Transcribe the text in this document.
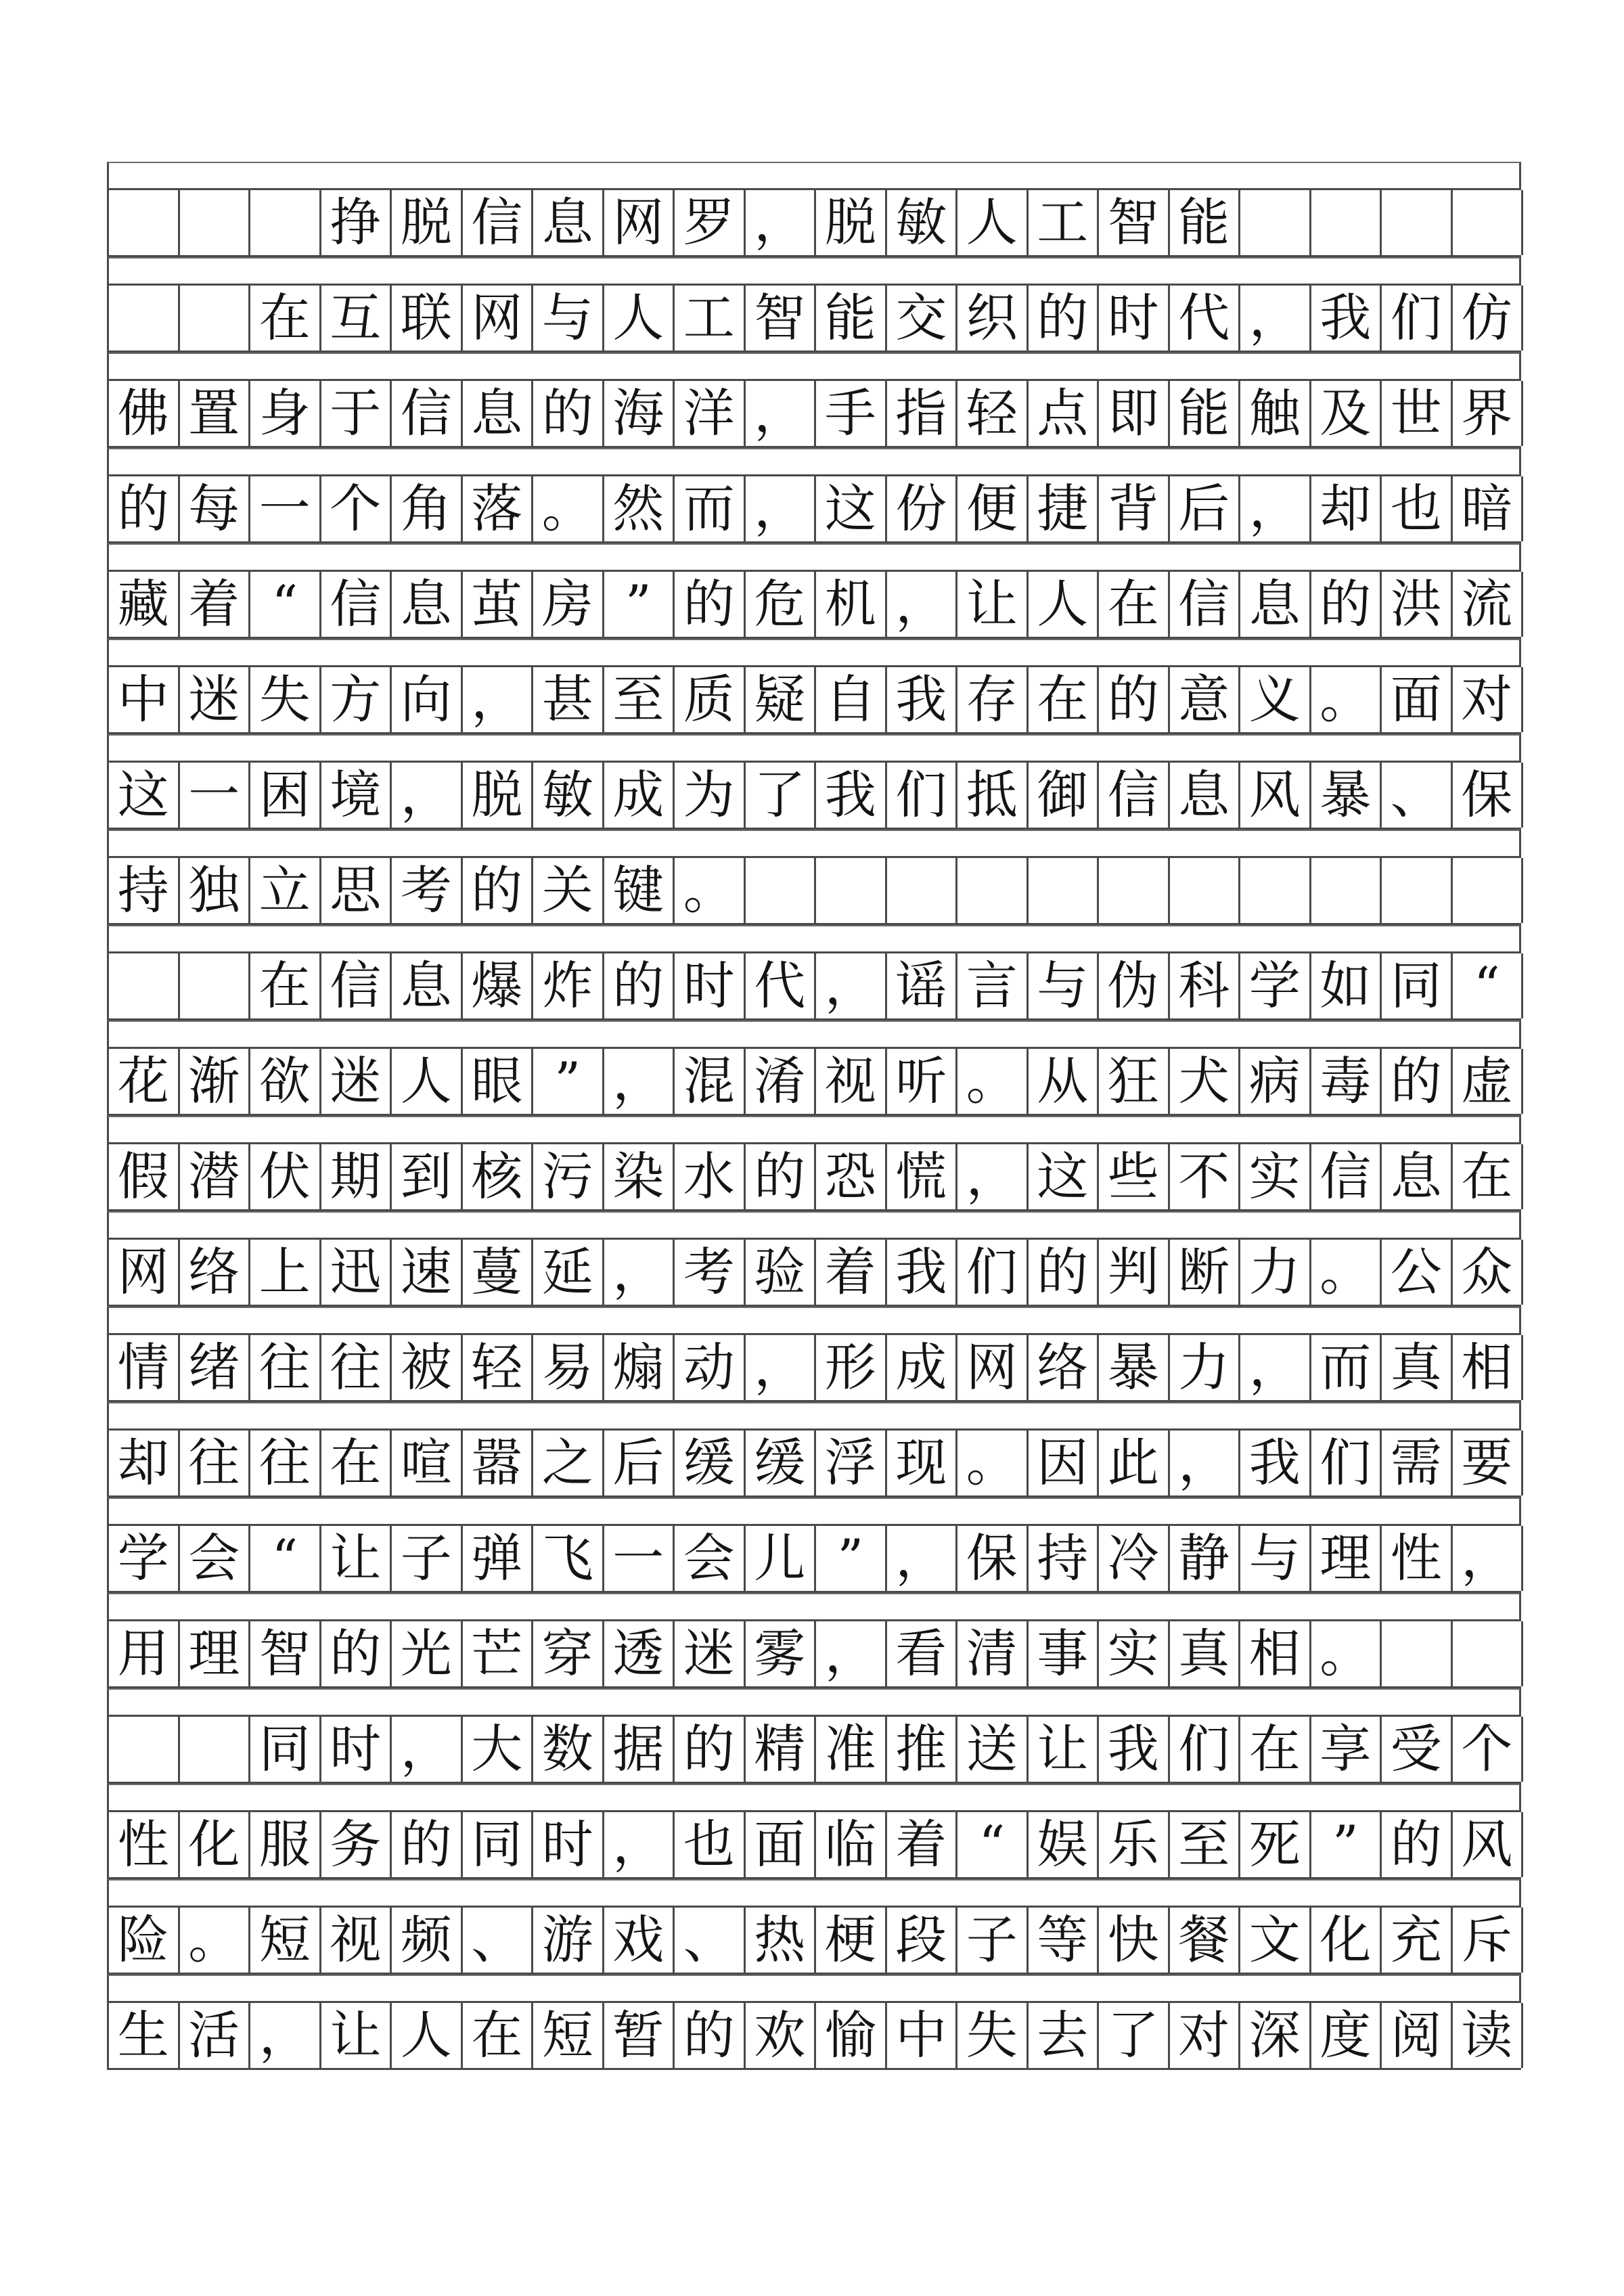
挣 脱 信 息 网 罗 ， 脱 敏 人 工 智 能
在 互 联 网 与 人 工 智 能 交 织 的 时 代 ， 我 们 仿
佛 置 身 于 信 息 的 海 洋 ， 手 指 轻 点 即 能 触 及 世 界
的 每 一 个 角 落 。 然 而 ， 这 份 便 捷 背 后 ， 却 也 暗
藏 着 “ 信 息 茧 房 ” 的 危 机 ， 让 人 在 信 息 的 洪 流
中 迷 失 方 向 ， 甚 至 质 疑 自 我 存 在 的 意 义 。 面 对
这 一 困 境 ， 脱 敏 成 为 了 我 们 抵 御 信 息 风 暴 、 保
持 独 立 思 考 的 关 键 。
在 信 息 爆 炸 的 时 代 ， 谣 言 与 伪 科 学 如 同 “
花 渐 欲 迷 人 眼 ” ， 混 淆 视 听 。 从 狂 犬 病 毒 的 虚
假 潜 伏 期 到 核 污 染 水 的 恐 慌 ， 这 些 不 实 信 息 在
网 络 上 迅 速 蔓 延 ， 考 验 着 我 们 的 判 断 力 。 公 众
情 绪 往 往 被 轻 易 煽 动 ， 形 成 网 络 暴 力 ， 而 真 相
却 往 往 在 喧 嚣 之 后 缓 缓 浮 现 。 因 此 ， 我 们 需 要
学 会 “ 让 子 弹 飞 一 会 儿 ” ， 保 持 冷 静 与 理 性 ，
用 理 智 的 光 芒 穿 透 迷 雾 ， 看 清 事 实 真 相 。
同 时 ， 大 数 据 的 精 准 推 送 让 我 们 在 享 受 个
性 化 服 务 的 同 时 ， 也 面 临 着 “ 娱 乐 至 死 ” 的 风
险 。 短 视 频 、 游 戏 、 热 梗 段 子 等 快 餐 文 化 充 斥
生 活 ， 让 人 在 短 暂 的 欢 愉 中 失 去 了 对 深 度 阅 读
